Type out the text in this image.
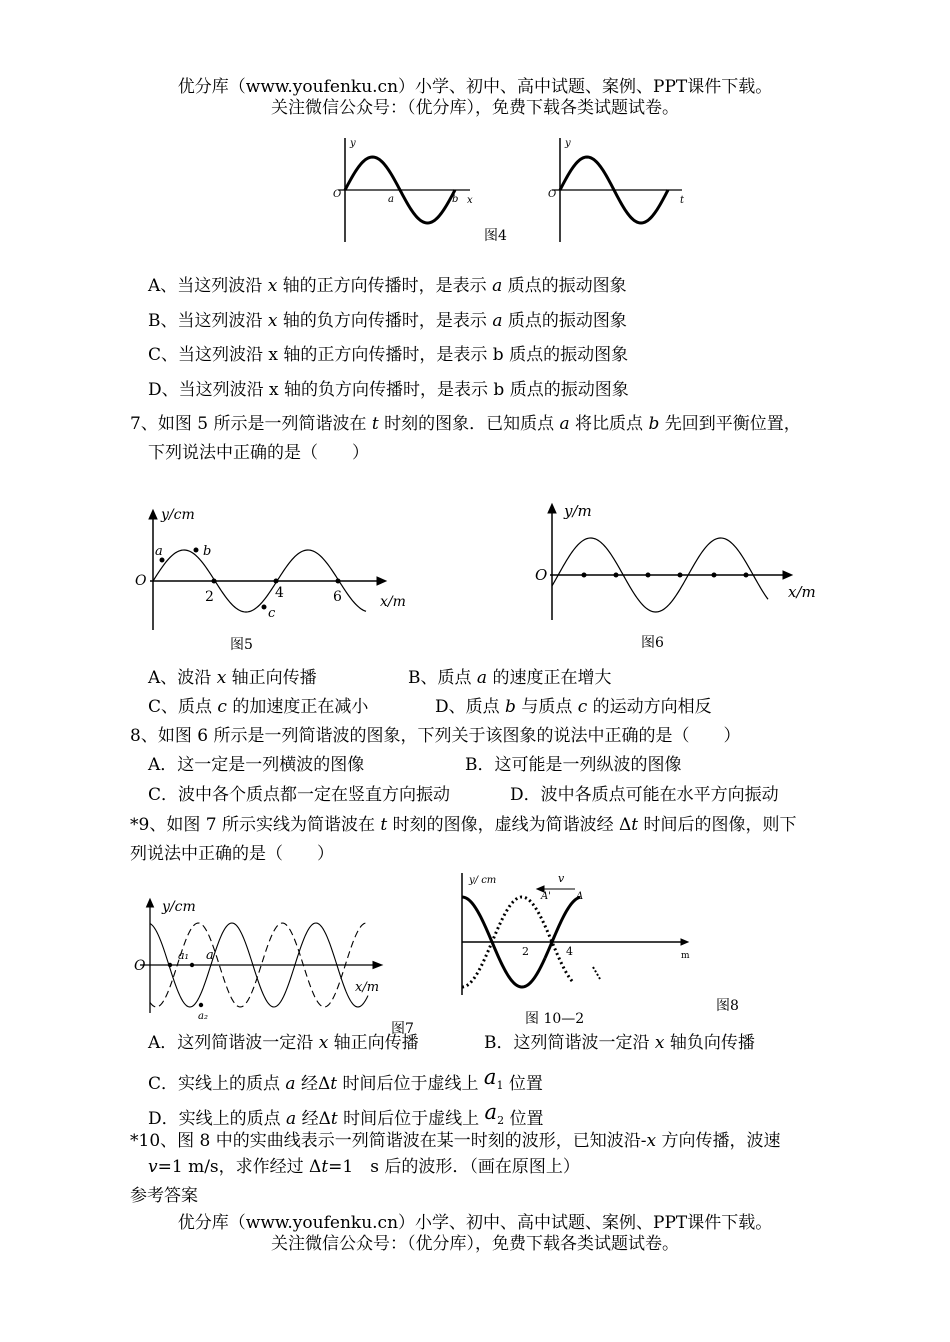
优分库（www.youfenku.cn）小学、初中、高中试题、案例、PPT课件下载。
关注微信公众号：（优分库），免费下载各类试题试卷。
y
O	a	b x
y
O
t
图4
A、当这列波沿 x 轴的正方向传播时，是表示 a 质点的振动图象
B、当这列波沿 x 轴的负方向传播时，是表示 a 质点的振动图象
C、当这列波沿 x 轴的正方向传播时，是表示 b 质点的振动图象
D、当这列波沿 x 轴的负方向传播时，是表示 b 质点的振动图象
7、如图 5 所示是一列简谐波在 t 时刻的图象．已知质点 a 将比质点 b 先回到平衡位置，
下列说法中正确的是（　　）
y/cm
O
a	b
c
2	4	6	x/m
图5
y/m
O
x/m
图6
A、波沿 x 轴正向传播	B、质点 a 的速度正在增大
C、质点 c 的加速度正在减小	D、质点 b 与质点 c 的运动方向相反
8、如图 6 所示是一列简谐波的图象，下列关于该图象的说法中正确的是（　　）
A．这一定是一列横波的图像	B．这可能是一列纵波的图像
C．波中各个质点都一定在竖直方向振动	D．波中各质点可能在水平方向振动
*9、如图 7 所示实线为简谐波在 t 时刻的图像，虚线为简谐波经 Δt 时间后的图像，则下
列说法中正确的是（　　）
y/cm
O
a₁ a
a₂
x/m
图7
y/ cm	v
A'	A
2	4	m
图 10—2
图8
A．这列简谐波一定沿 x 轴正向传播	B．这列简谐波一定沿 x 轴负向传播
C．实线上的质点 a 经Δt 时间后位于虚线上 a1 位置
D．实线上的质点 a 经Δt 时间后位于虚线上 a2 位置
*10、图 8 中的实曲线表示一列简谐波在某一时刻的波形，已知波沿-x 方向传播，波速
v=1 m/s，求作经过 Δt=1　s 后的波形．（画在原图上）
参考答案
优分库（www.youfenku.cn）小学、初中、高中试题、案例、PPT课件下载。
关注微信公众号：（优分库），免费下载各类试题试卷。
